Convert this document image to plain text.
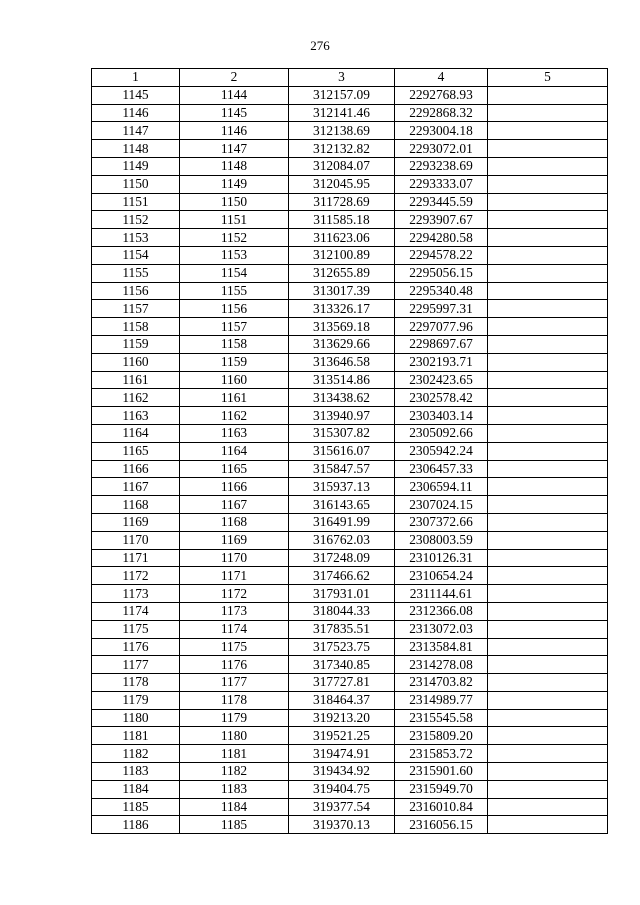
276
1	2	3	4	5
1145	1144	312157.09	2292768.93	
1146	1145	312141.46	2292868.32	
1147	1146	312138.69	2293004.18	
1148	1147	312132.82	2293072.01	
1149	1148	312084.07	2293238.69	
1150	1149	312045.95	2293333.07	
1151	1150	311728.69	2293445.59	
1152	1151	311585.18	2293907.67	
1153	1152	311623.06	2294280.58	
1154	1153	312100.89	2294578.22	
1155	1154	312655.89	2295056.15	
1156	1155	313017.39	2295340.48	
1157	1156	313326.17	2295997.31	
1158	1157	313569.18	2297077.96	
1159	1158	313629.66	2298697.67	
1160	1159	313646.58	2302193.71	
1161	1160	313514.86	2302423.65	
1162	1161	313438.62	2302578.42	
1163	1162	313940.97	2303403.14	
1164	1163	315307.82	2305092.66	
1165	1164	315616.07	2305942.24	
1166	1165	315847.57	2306457.33	
1167	1166	315937.13	2306594.11	
1168	1167	316143.65	2307024.15	
1169	1168	316491.99	2307372.66	
1170	1169	316762.03	2308003.59	
1171	1170	317248.09	2310126.31	
1172	1171	317466.62	2310654.24	
1173	1172	317931.01	2311144.61	
1174	1173	318044.33	2312366.08	
1175	1174	317835.51	2313072.03	
1176	1175	317523.75	2313584.81	
1177	1176	317340.85	2314278.08	
1178	1177	317727.81	2314703.82	
1179	1178	318464.37	2314989.77	
1180	1179	319213.20	2315545.58	
1181	1180	319521.25	2315809.20	
1182	1181	319474.91	2315853.72	
1183	1182	319434.92	2315901.60	
1184	1183	319404.75	2315949.70	
1185	1184	319377.54	2316010.84	
1186	1185	319370.13	2316056.15	
